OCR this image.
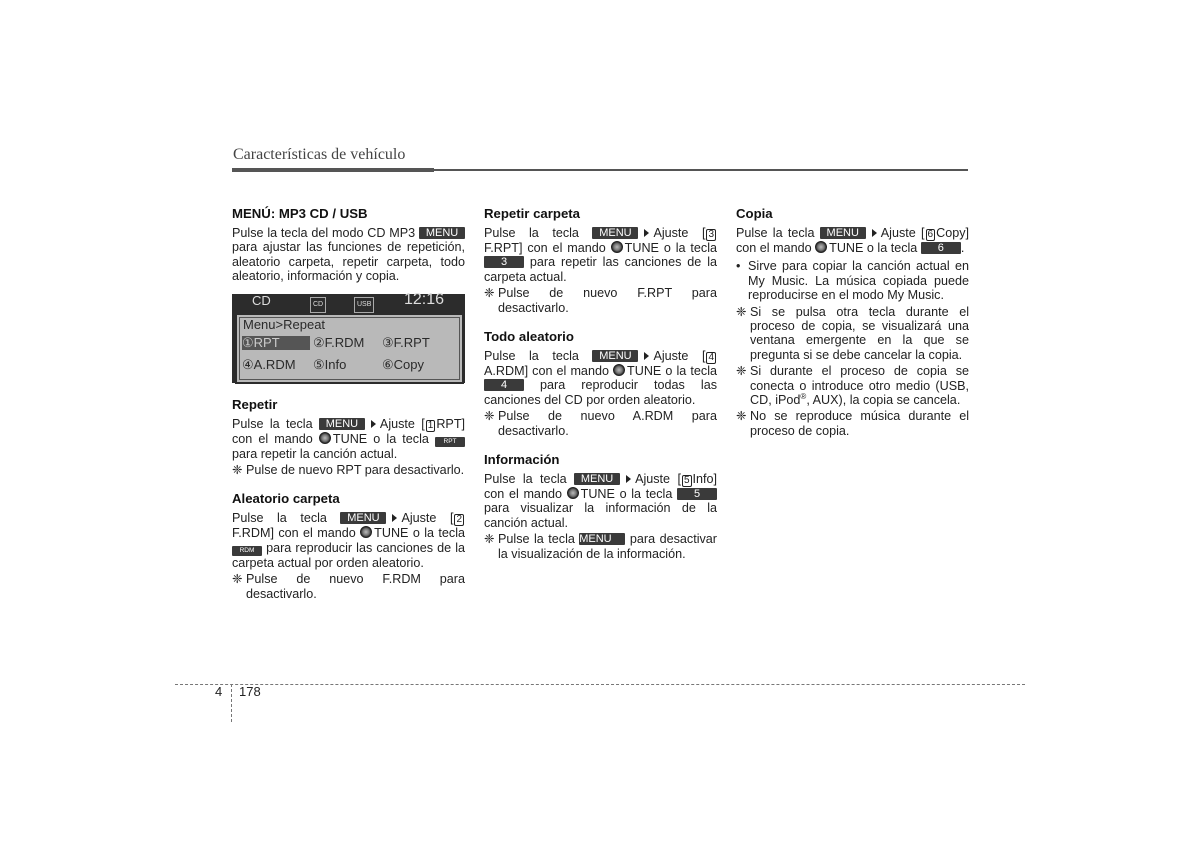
Características de vehículo
MENÚ: MP3 CD / USB

Pulse la tecla del modo CD MP3 MENU para ajustar las funciones de repetición, aleatorio carpeta, repetir carpeta, todo aleatorio, información y copia.

CD	CD	USB 12:16
Menu>Repeat
①RPT	②F.RDM ③F.RPT
④A.RDM ⑤Info	⑥Copy
Repetir

Pulse la tecla MENU Ajuste [ 1 RPT] con el mando TUNE o la tecla RPT para repetir la canción actual.

❈ Pulse de nuevo RPT para desactivarlo.

Aleatorio carpeta

Pulse la tecla MENU Ajuste [ 2 F.RDM] con el mando TUNE o la tecla RDM para reproducir las canciones de la carpeta actual por orden aleatorio.

❈ Pulse de nuevo F.RDM para desactivarlo.

Repetir carpeta

Pulse la tecla MENU Ajuste [ 3 F.RPT] con el mando TUNE o la tecla 3 para repetir las canciones de la carpeta actual.

❈ Pulse de nuevo F.RPT para desactivarlo.

Todo aleatorio

Pulse la tecla MENU Ajuste [ 4 A.RDM] con el mando TUNE o la tecla 4	para reproducir todas las canciones del CD por orden aleatorio.

❈ Pulse de nuevo A.RDM para desactivarlo.

Información

Pulse la tecla MENU Ajuste [ 5 Info] con el mando TUNE o la tecla 5 para visualizar la información de la canción actual.

❈ Pulse la tecla MENU para desactivar la visualización de la información.

Copia

Pulse la tecla MENU Ajuste [ 6 Copy] con el mando TUNE o la tecla 6 .

• Sirve para copiar la canción actual en My Music. La música copiada puede reproducirse en el modo My Music.

❈ Si se pulsa otra tecla durante el proceso de copia, se visualizará una ventana emergente en la que se pregunta si se debe cancelar la copia.

❈ Si durante el proceso de copia se conecta o introduce otro medio (USB, CD, iPod®, AUX), la copia se cancela.

❈ No se reproduce música durante el proceso de copia.

4 178
